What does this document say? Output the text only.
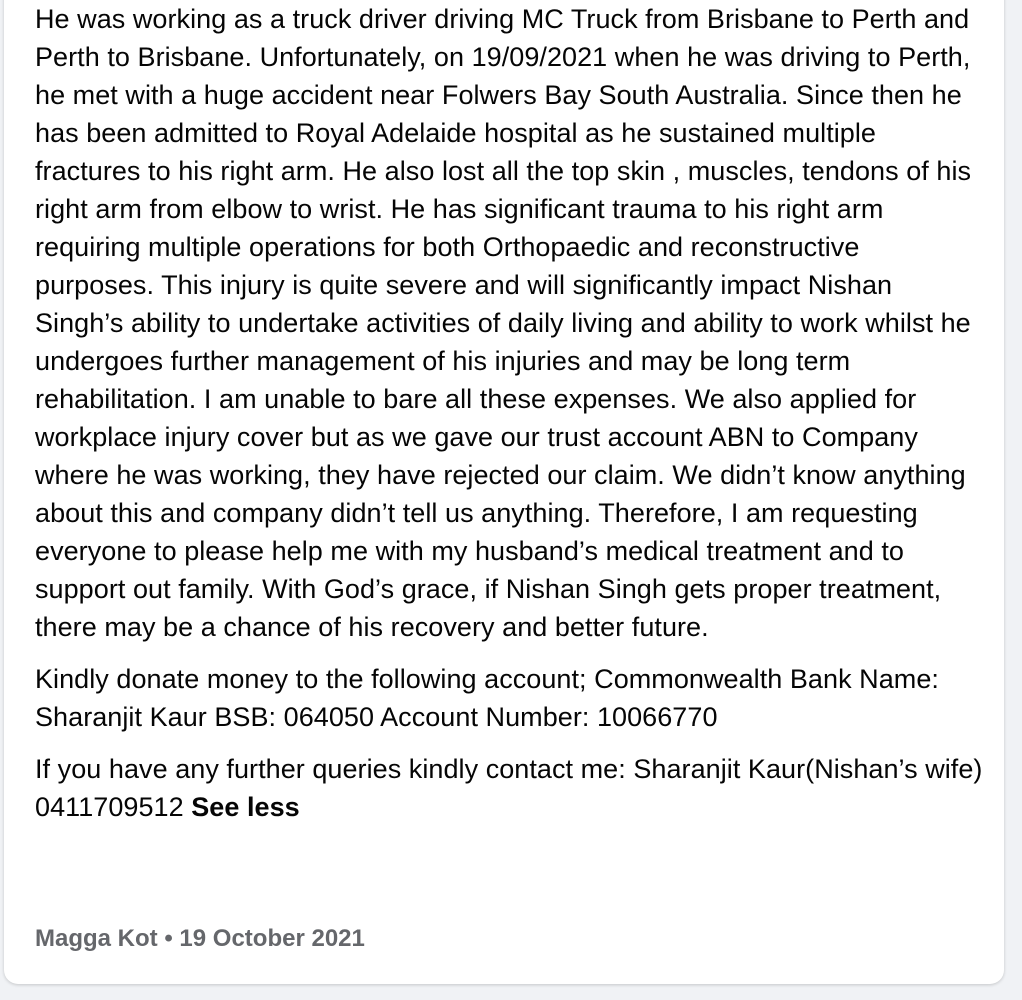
He was working as a truck driver driving MC Truck from Brisbane to Perth and Perth to Brisbane. Unfortunately, on 19/09/2021 when he was driving to Perth, he met with a huge accident near Folwers Bay South Australia. Since then he has been admitted to Royal Adelaide hospital as he sustained multiple fractures to his right arm. He also lost all the top skin , muscles, tendons of his right arm from elbow to wrist. He has significant trauma to his right arm requiring multiple operations for both Orthopaedic and reconstructive purposes. This injury is quite severe and will significantly impact Nishan Singh’s ability to undertake activities of daily living and ability to work whilst he undergoes further management of his injuries and may be long term rehabilitation. I am unable to bare all these expenses. We also applied for workplace injury cover but as we gave our trust account ABN to Company where he was working, they have rejected our claim. We didn’t know anything about this and company didn’t tell us anything. Therefore, I am requesting everyone to please help me with my husband’s medical treatment and to support out family. With God’s grace, if Nishan Singh gets proper treatment, there may be a chance of his recovery and better future.

Kindly donate money to the following account; Commonwealth Bank Name: Sharanjit Kaur BSB: 064050 Account Number: 10066770

If you have any further queries kindly contact me: Sharanjit Kaur(Nishan’s wife) 0411709512 See less

Magga Kot • 19 October 2021
